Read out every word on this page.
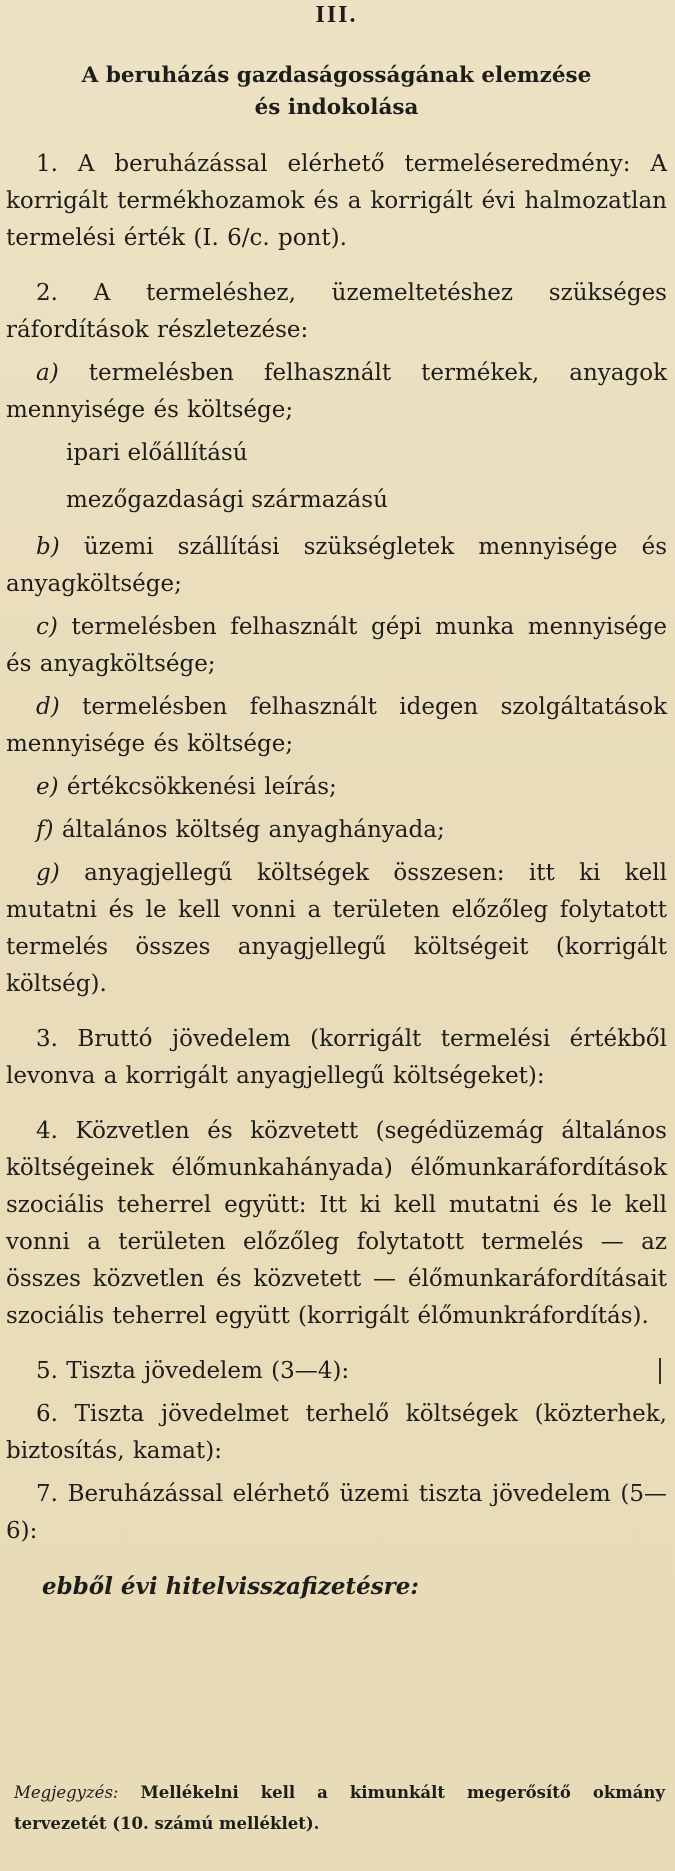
III.
A beruházás gazdaságosságának elemzése
és indokolása
1. A beruházással elérhető termeléseredmény: A korrigált termékhozamok és a korrigált évi halmozatlan termelési érték (I. 6/c. pont).
2. A termeléshez, üzemeltetéshez szükséges ráfordítások részletezése:
a) termelésben felhasznált termékek, anyagok mennyisége és költsége;
ipari előállítású
mezőgazdasági származású
b) üzemi szállítási szükségletek mennyisége és anyagköltsége;
c) termelésben felhasznált gépi munka mennyisége és anyagköltsége;
d) termelésben felhasznált idegen szolgáltatások mennyisége és költsége;
e) értékcsökkenési leírás;
f) általános költség anyaghányada;
g) anyagjellegű költségek összesen: itt ki kell mutatni és le kell vonni a területen előzőleg folytatott termelés összes anyagjellegű költségeit (korrigált költség).
3. Bruttó jövedelem (korrigált termelési értékből levonva a korrigált anyagjellegű költségeket):
4. Közvetlen és közvetett (segédüzemág általános költségeinek élőmunkahányada) élőmunkaráfordítások szociális teherrel együtt: Itt ki kell mutatni és le kell vonni a területen előzőleg folytatott termelés — az összes közvetlen és közvetett — élőmunkaráfordításait szociális teherrel együtt (korrigált élőmunkráfordítás).
5. Tiszta jövedelem (3—4):
6. Tiszta jövedelmet terhelő költségek (közterhek, biztosítás, kamat):
7. Beruházással elérhető üzemi tiszta jövedelem (5—6):
ebből évi hitelvisszafizetésre:
Megjegyzés: Mellékelni kell a kimunkált megerősítő okmány tervezetét (10. számú melléklet).
